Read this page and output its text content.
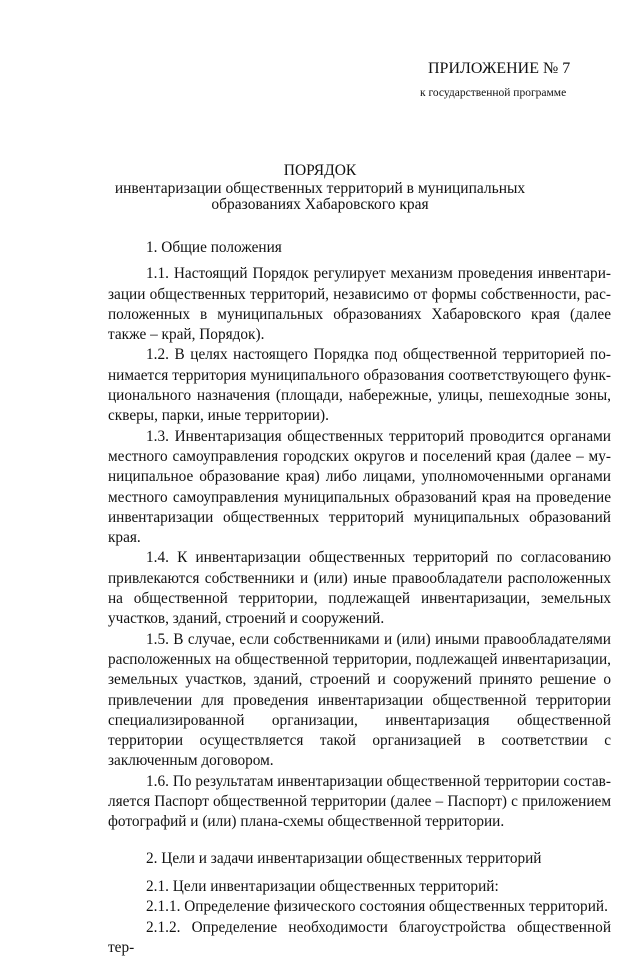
ПРИЛОЖЕНИЕ № 7
к государственной программе
ПОРЯДОК
инвентаризации общественных территорий в муниципальных образованиях Хабаровского края

1. Общие положения

1.1. Настоящий Порядок регулирует механизм проведения инвентаризации общественных территорий, независимо от формы собственности, расположенных в муниципальных образованиях Хабаровского края (далее также – край, Порядок).

1.2. В целях настоящего Порядка под общественной территорией понимается территория муниципального образования соответствующего функционального назначения (площади, набережные, улицы, пешеходные зоны, скверы, парки, иные территории).

1.3. Инвентаризация общественных территорий проводится органами местного самоуправления городских округов и поселений края (далее – муниципальное образование края) либо лицами, уполномоченными органами местного самоуправления муниципальных образований края на проведение инвентаризации общественных территорий муниципальных образований края.

1.4. К инвентаризации общественных территорий по согласованию привлекаются собственники и (или) иные правообладатели расположенных на общественной территории, подлежащей инвентаризации, земельных участков, зданий, строений и сооружений.

1.5. В случае, если собственниками и (или) иными правообладателями расположенных на общественной территории, подлежащей инвентаризации, земельных участков, зданий, строений и сооружений принято решение о привлечении для проведения инвентаризации общественной территории специализированной организации, инвентаризация общественной территории осуществляется такой организацией в соответствии с заключенным договором.

1.6. По результатам инвентаризации общественной территории составляется Паспорт общественной территории (далее – Паспорт) с приложением фотографий и (или) плана-схемы общественной территории.

2. Цели и задачи инвентаризации общественных территорий

2.1. Цели инвентаризации общественных территорий:

2.1.1. Определение физического состояния общественных территорий.

2.1.2. Определение необходимости благоустройства общественной тер-
